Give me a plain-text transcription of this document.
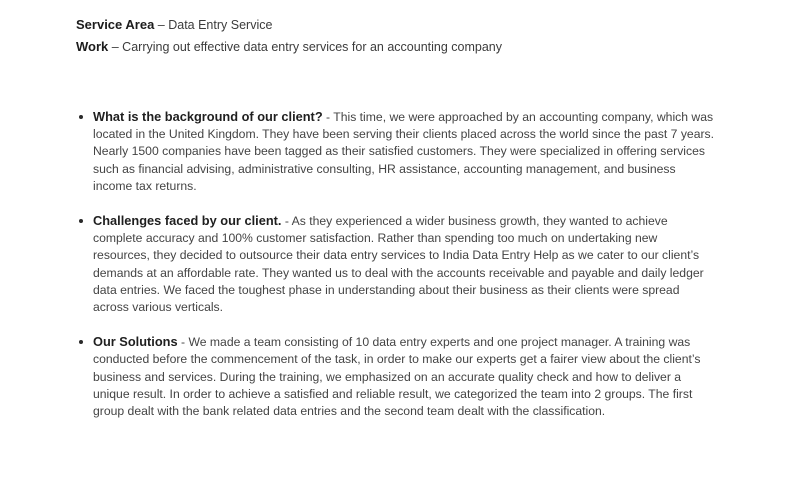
Service Area – Data Entry Service
Work – Carrying out effective data entry services for an accounting company
What is the background of our client? - This time, we were approached by an accounting company, which was located in the United Kingdom. They have been serving their clients placed across the world since the past 7 years. Nearly 1500 companies have been tagged as their satisfied customers. They were specialized in offering services such as financial advising, administrative consulting, HR assistance, accounting management, and business income tax returns.
Challenges faced by our client. - As they experienced a wider business growth, they wanted to achieve complete accuracy and 100% customer satisfaction. Rather than spending too much on undertaking new resources, they decided to outsource their data entry services to India Data Entry Help as we cater to our client’s demands at an affordable rate. They wanted us to deal with the accounts receivable and payable and daily ledger data entries. We faced the toughest phase in understanding about their business as their clients were spread across various verticals.
Our Solutions - We made a team consisting of 10 data entry experts and one project manager. A training was conducted before the commencement of the task, in order to make our experts get a fairer view about the client’s business and services. During the training, we emphasized on an accurate quality check and how to deliver a unique result. In order to achieve a satisfied and reliable result, we categorized the team into 2 groups. The first group dealt with the bank related data entries and the second team dealt with the classification.
